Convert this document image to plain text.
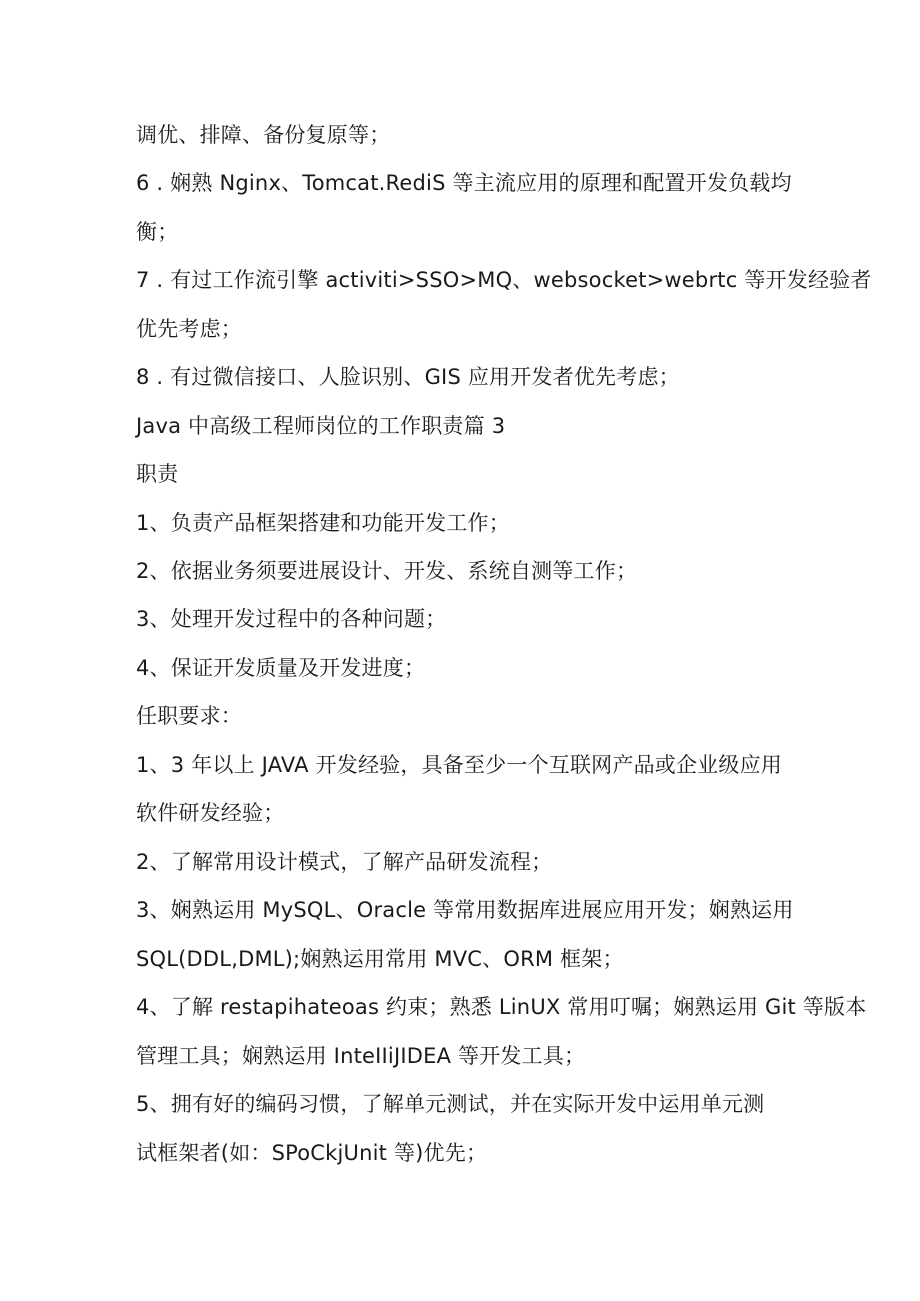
调优、排障、备份复原等；
6 . 娴熟 Nginx、Tomcat.RediS 等主流应用的原理和配置开发负载均
衡；
7 . 有过工作流引擎 activiti>SSO>MQ、websocket>webrtc 等开发经验者
优先考虑；
8 . 有过微信接口、人脸识别、GIS 应用开发者优先考虑；
Java 中高级工程师岗位的工作职责篇 3
职责
1、负责产品框架搭建和功能开发工作；
2、依据业务须要进展设计、开发、系统自测等工作；
3、处理开发过程中的各种问题；
4、保证开发质量及开发进度；
任职要求：
1、3 年以上 JAVA 开发经验，具备至少一个互联网产品或企业级应用
软件研发经验；
2、了解常用设计模式，了解产品研发流程；
3、娴熟运用 MySQL、Oracle 等常用数据库进展应用开发；娴熟运用
SQL(DDL,DML);娴熟运用常用 MVC、ORM 框架；
4、了解 restapihateoas 约束；熟悉 LinUX 常用叮嘱；娴熟运用 Git 等版本
管理工具；娴熟运用 InteIIiJIDEA 等开发工具；
5、拥有好的编码习惯，了解单元测试，并在实际开发中运用单元测
试框架者(如：SPoCkjUnit 等)优先；
